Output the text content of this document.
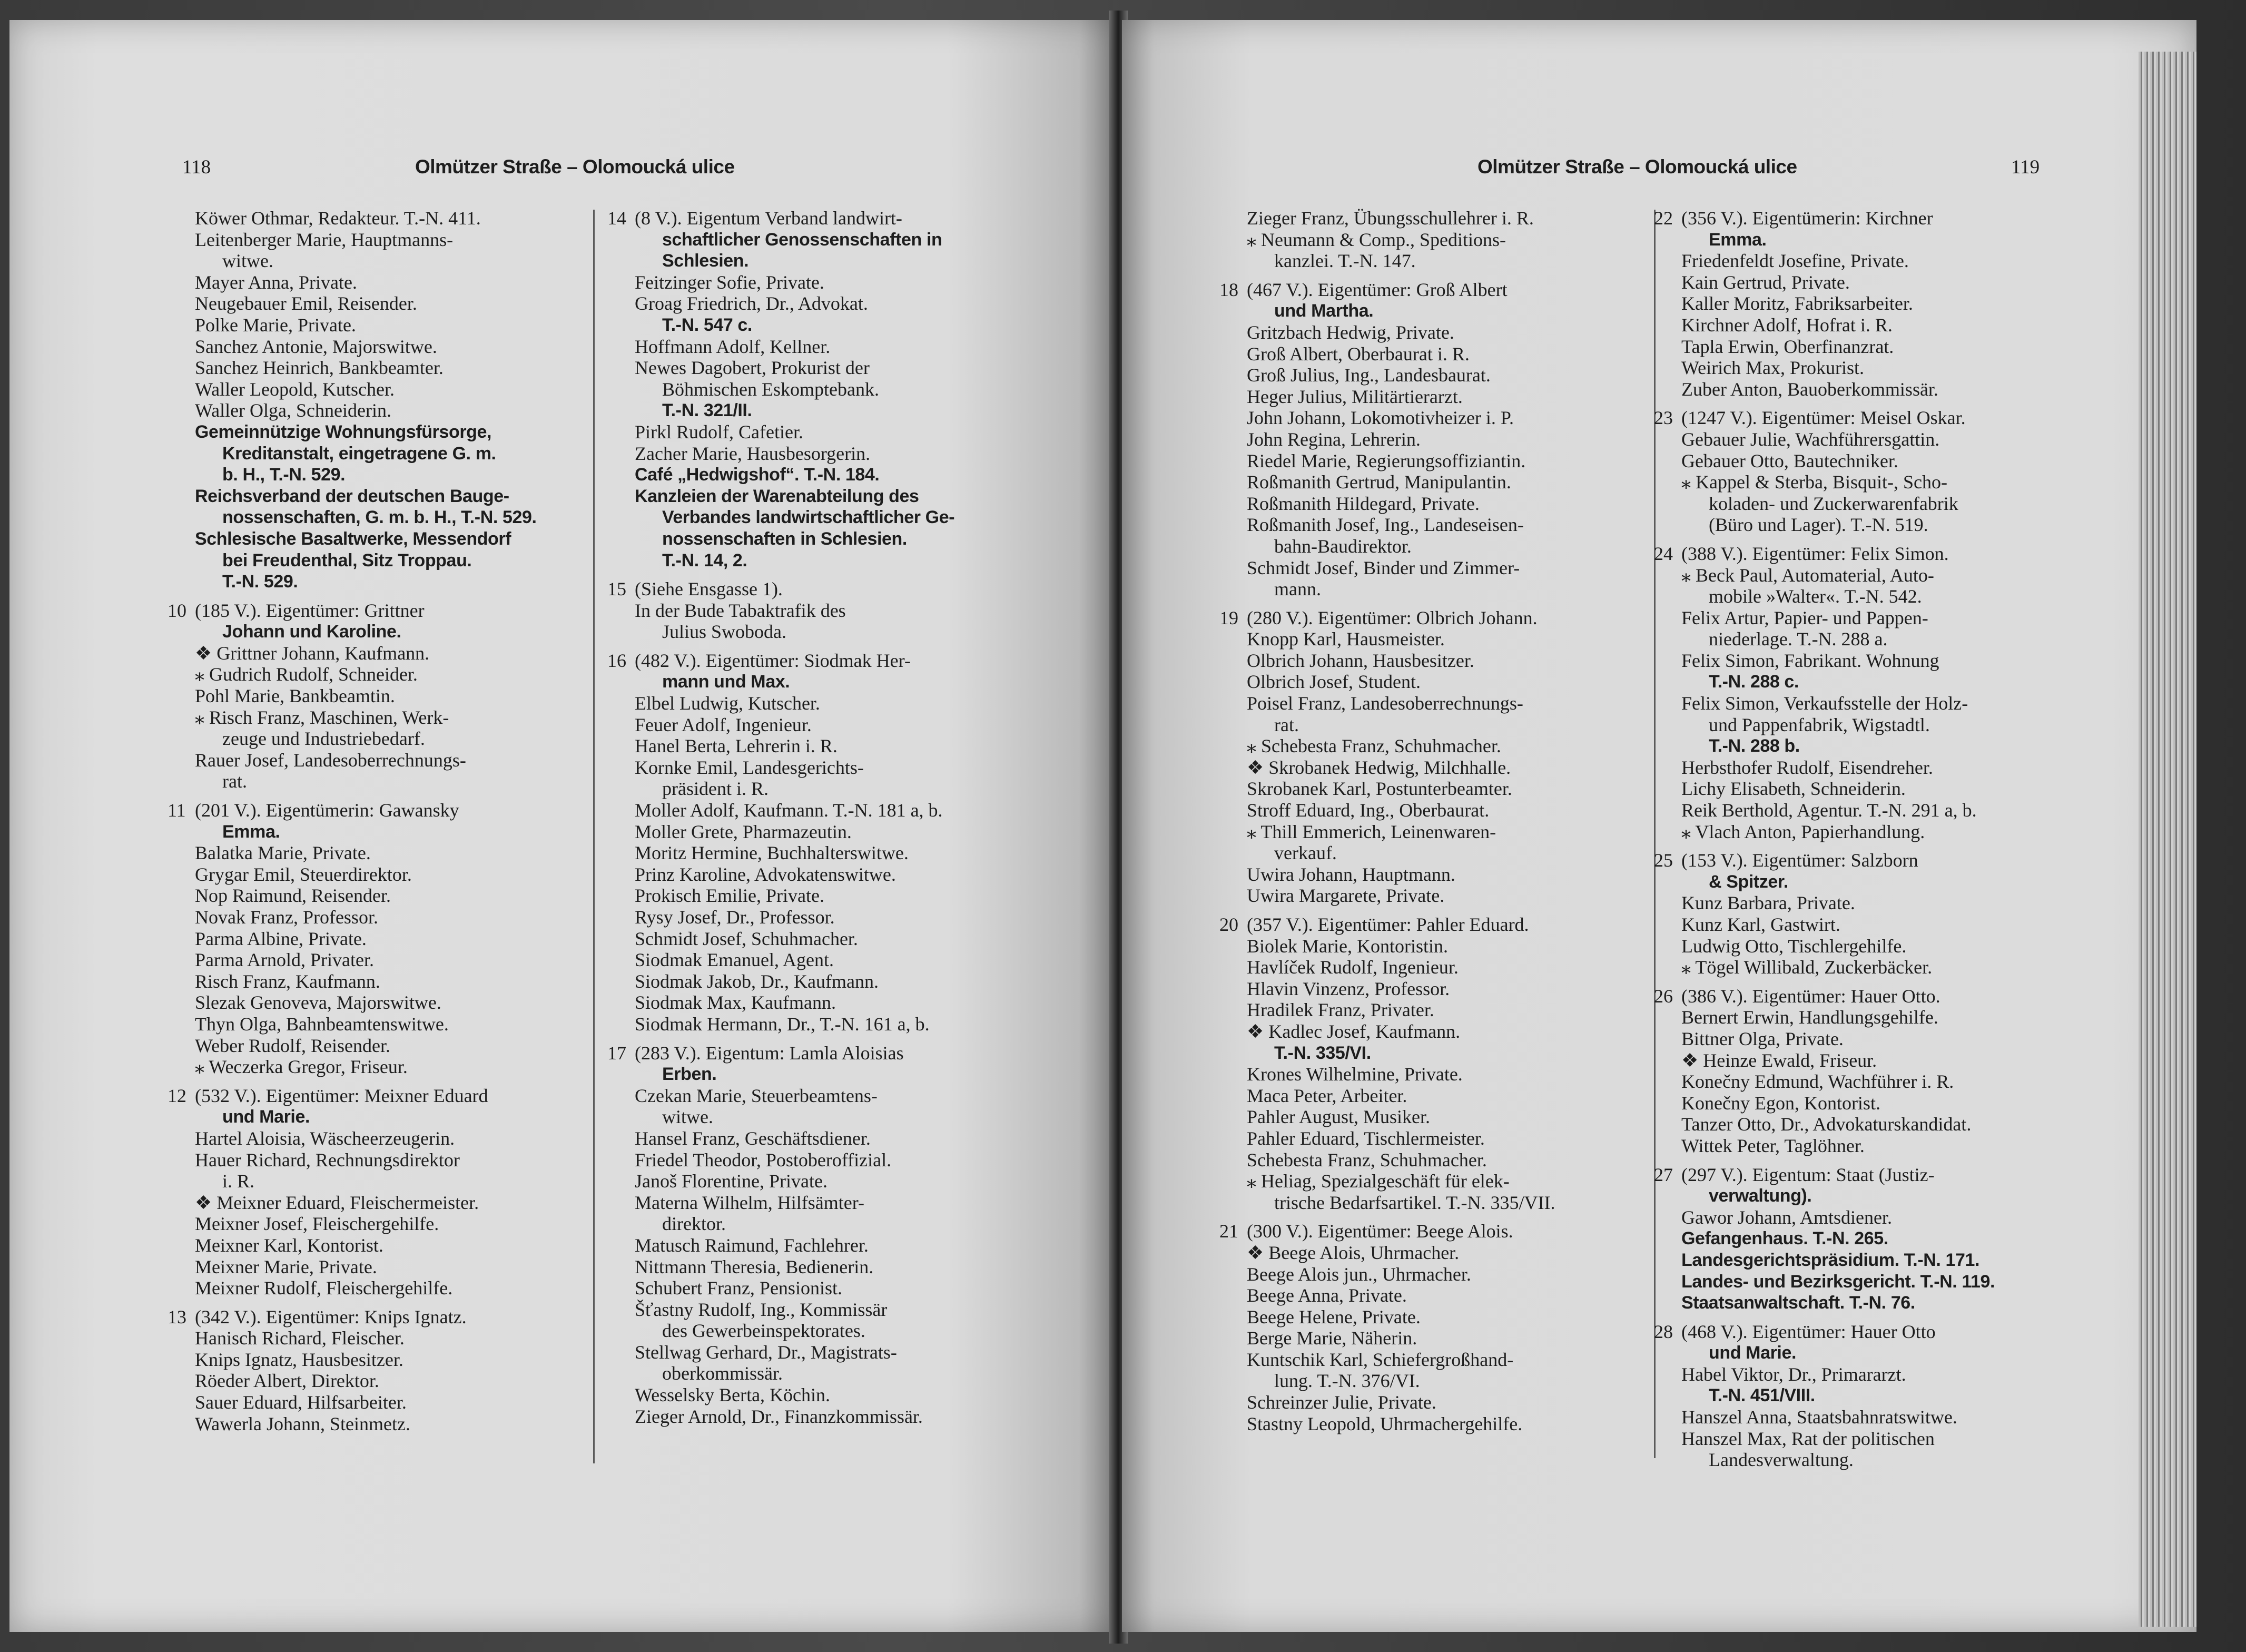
118	Olmützer Straße – Olomoucká ulice

Köwer Othmar, Redakteur. T.-N. 411.

Leitenberger Marie, Hauptmanns-

witwe.

Mayer Anna, Private.

Neugebauer Emil, Reisender.

Polke Marie, Private.

Sanchez Antonie, Majorswitwe.

Sanchez Heinrich, Bankbeamter.

Waller Leopold, Kutscher.

Waller Olga, Schneiderin.

Gemeinnützige Wohnungsfürsorge,

Kreditanstalt, eingetragene G. m.

b. H., T.-N. 529.

Reichsverband der deutschen Bauge-

nossenschaften, G. m. b. H., T.-N. 529.

Schlesische Basaltwerke, Messendorf

bei Freudenthal, Sitz Troppau.

T.-N. 529.

10 (185 V.). Eigentümer: Grittner

Johann und Karoline.

❖ Grittner Johann, Kaufmann.

⁎ Gudrich Rudolf, Schneider.

Pohl Marie, Bankbeamtin.

⁎ Risch Franz, Maschinen, Werk-

zeuge und Industriebedarf.

Rauer Josef, Landesoberrechnungs-

rat.

11 (201 V.). Eigentümerin: Gawansky

Emma.

Balatka Marie, Private.

Grygar Emil, Steuerdirektor.

Nop Raimund, Reisender.

Novak Franz, Professor.

Parma Albine, Private.

Parma Arnold, Privater.

Risch Franz, Kaufmann.

Slezak Genoveva, Majorswitwe.

Thyn Olga, Bahnbeamtenswitwe.

Weber Rudolf, Reisender.

⁎ Weczerka Gregor, Friseur.

12 (532 V.). Eigentümer: Meixner Eduard

und Marie.

Hartel Aloisia, Wäscheerzeugerin.

Hauer Richard, Rechnungsdirektor

i. R.

❖ Meixner Eduard, Fleischermeister.

Meixner Josef, Fleischergehilfe.

Meixner Karl, Kontorist.

Meixner Marie, Private.

Meixner Rudolf, Fleischergehilfe.

13 (342 V.). Eigentümer: Knips Ignatz.

Hanisch Richard, Fleischer.

Knips Ignatz, Hausbesitzer.

Röeder Albert, Direktor.

Sauer Eduard, Hilfsarbeiter.

Wawerla Johann, Steinmetz.

14 (8 V.). Eigentum Verband landwirt-

schaftlicher Genossenschaften in

Schlesien.

Feitzinger Sofie, Private.

Groag Friedrich, Dr., Advokat.

T.-N. 547 c.

Hoffmann Adolf, Kellner.

Newes Dagobert, Prokurist der

Böhmischen Eskomptebank.

T.-N. 321/II.

Pirkl Rudolf, Cafetier.

Zacher Marie, Hausbesorgerin.

Café „Hedwigshof“. T.-N. 184.

Kanzleien der Warenabteilung des

Verbandes landwirtschaftlicher Ge-

nossenschaften in Schlesien.

T.-N. 14, 2.

15 (Siehe Ensgasse 1).

In der Bude Tabaktrafik des

Julius Swoboda.

16 (482 V.). Eigentümer: Siodmak Her-

mann und Max.

Elbel Ludwig, Kutscher.

Feuer Adolf, Ingenieur.

Hanel Berta, Lehrerin i. R.

Kornke Emil, Landesgerichts-

präsident i. R.

Moller Adolf, Kaufmann. T.-N. 181 a, b.

Moller Grete, Pharmazeutin.

Moritz Hermine, Buchhalterswitwe.

Prinz Karoline, Advokatenswitwe.

Prokisch Emilie, Private.

Rysy Josef, Dr., Professor.

Schmidt Josef, Schuhmacher.

Siodmak Emanuel, Agent.

Siodmak Jakob, Dr., Kaufmann.

Siodmak Max, Kaufmann.

Siodmak Hermann, Dr., T.-N. 161 a, b.

17 (283 V.). Eigentum: Lamla Aloisias

Erben.

Czekan Marie, Steuerbeamtens-

witwe.

Hansel Franz, Geschäftsdiener.

Friedel Theodor, Postoberoffizial.

Janoš Florentine, Private.

Materna Wilhelm, Hilfsämter-

direktor.

Matusch Raimund, Fachlehrer.

Nittmann Theresia, Bedienerin.

Schubert Franz, Pensionist.

Šťastny Rudolf, Ing., Kommissär

des Gewerbeinspektorates.

Stellwag Gerhard, Dr., Magistrats-

oberkommissär.

Wesselsky Berta, Köchin.

Zieger Arnold, Dr., Finanzkommissär.

Olmützer Straße – Olomoucká ulice	119

Zieger Franz, Übungsschullehrer i. R.

⁎ Neumann & Comp., Speditions-

kanzlei. T.-N. 147.

18 (467 V.). Eigentümer: Groß Albert

und Martha.

Gritzbach Hedwig, Private.

Groß Albert, Oberbaurat i. R.

Groß Julius, Ing., Landesbaurat.

Heger Julius, Militärtierarzt.

John Johann, Lokomotivheizer i. P.

John Regina, Lehrerin.

Riedel Marie, Regierungsoffiziantin.

Roßmanith Gertrud, Manipulantin.

Roßmanith Hildegard, Private.

Roßmanith Josef, Ing., Landeseisen-

bahn-Baudirektor.

Schmidt Josef, Binder und Zimmer-

mann.

19 (280 V.). Eigentümer: Olbrich Johann.

Knopp Karl, Hausmeister.

Olbrich Johann, Hausbesitzer.

Olbrich Josef, Student.

Poisel Franz, Landesoberrechnungs-

rat.

⁎ Schebesta Franz, Schuhmacher.

❖ Skrobanek Hedwig, Milchhalle.

Skrobanek Karl, Postunterbeamter.

Stroff Eduard, Ing., Oberbaurat.

⁎ Thill Emmerich, Leinenwaren-

verkauf.

Uwira Johann, Hauptmann.

Uwira Margarete, Private.

20 (357 V.). Eigentümer: Pahler Eduard.

Biolek Marie, Kontoristin.

Havlíček Rudolf, Ingenieur.

Hlavin Vinzenz, Professor.

Hradilek Franz, Privater.

❖ Kadlec Josef, Kaufmann.

T.-N. 335/VI.

Krones Wilhelmine, Private.

Maca Peter, Arbeiter.

Pahler August, Musiker.

Pahler Eduard, Tischlermeister.

Schebesta Franz, Schuhmacher.

⁎ Heliag, Spezialgeschäft für elek-

trische Bedarfsartikel. T.-N. 335/VII.

21 (300 V.). Eigentümer: Beege Alois.

❖ Beege Alois, Uhrmacher.

Beege Alois jun., Uhrmacher.

Beege Anna, Private.

Beege Helene, Private.

Berge Marie, Näherin.

Kuntschik Karl, Schiefergroßhand-

lung. T.-N. 376/VI.

Schreinzer Julie, Private.

Stastny Leopold, Uhrmachergehilfe.

22 (356 V.). Eigentümerin: Kirchner

Emma.

Friedenfeldt Josefine, Private.

Kain Gertrud, Private.

Kaller Moritz, Fabriksarbeiter.

Kirchner Adolf, Hofrat i. R.

Tapla Erwin, Oberfinanzrat.

Weirich Max, Prokurist.

Zuber Anton, Bauoberkommissär.

23 (1247 V.). Eigentümer: Meisel Oskar.

Gebauer Julie, Wachführersgattin.

Gebauer Otto, Bautechniker.

⁎ Kappel & Sterba, Bisquit-, Scho-

koladen- und Zuckerwarenfabrik

(Büro und Lager). T.-N. 519.

24 (388 V.). Eigentümer: Felix Simon.

⁎ Beck Paul, Automaterial, Auto-

mobile »Walter«. T.-N. 542.

Felix Artur, Papier- und Pappen-

niederlage. T.-N. 288 a.

Felix Simon, Fabrikant. Wohnung

T.-N. 288 c.

Felix Simon, Verkaufsstelle der Holz-

und Pappenfabrik, Wigstadtl.

T.-N. 288 b.

Herbsthofer Rudolf, Eisendreher.

Lichy Elisabeth, Schneiderin.

Reik Berthold, Agentur. T.-N. 291 a, b.

⁎ Vlach Anton, Papierhandlung.

25 (153 V.). Eigentümer: Salzborn

& Spitzer.

Kunz Barbara, Private.

Kunz Karl, Gastwirt.

Ludwig Otto, Tischlergehilfe.

⁎ Tögel Willibald, Zuckerbäcker.

26 (386 V.). Eigentümer: Hauer Otto.

Bernert Erwin, Handlungsgehilfe.

Bittner Olga, Private.

❖ Heinze Ewald, Friseur.

Konečny Edmund, Wachführer i. R.

Konečny Egon, Kontorist.

Tanzer Otto, Dr., Advokaturskandidat.

Wittek Peter, Taglöhner.

27 (297 V.). Eigentum: Staat (Justiz-

verwaltung).

Gawor Johann, Amtsdiener.

Gefangenhaus. T.-N. 265.

Landesgerichtspräsidium. T.-N. 171.

Landes- und Bezirksgericht. T.-N. 119.

Staatsanwaltschaft. T.-N. 76.

28 (468 V.). Eigentümer: Hauer Otto

und Marie.

Habel Viktor, Dr., Primararzt.

T.-N. 451/VIII.

Hanszel Anna, Staatsbahnratswitwe.

Hanszel Max, Rat der politischen

Landesverwaltung.
